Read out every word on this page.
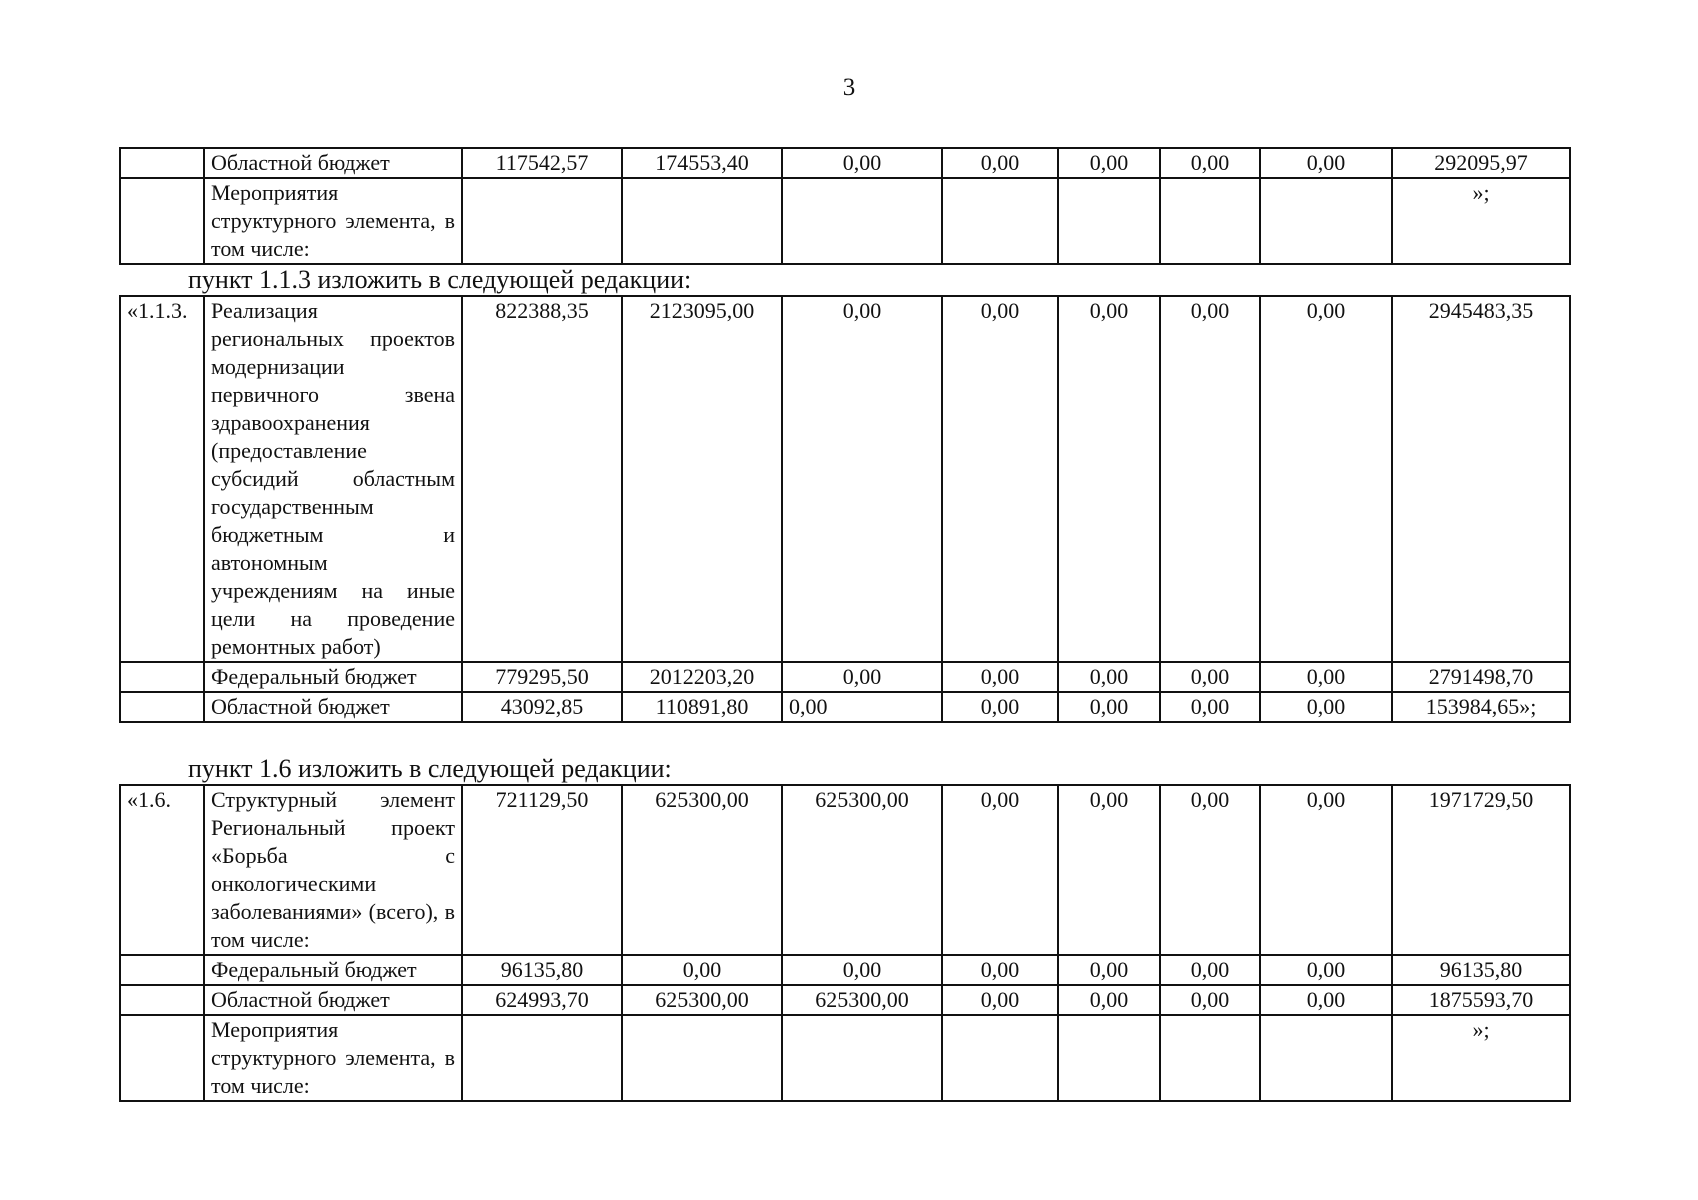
3
	Областной бюджет	117542,57	174553,40	0,00	0,00	0,00	0,00	0,00	292095,97
	Мероприятия структурного элемента, в том числе:								»;
пункт 1.1.3 изложить в следующей редакции:
«1.1.3.	Реализация региональных проектов модернизации первичного звена здравоохранения (предоставление субсидий областным государственным бюджетным и автономным учреждениям на иные цели на проведение ремонтных работ)	822388,35	2123095,00	0,00	0,00	0,00	0,00	0,00	2945483,35
	Федеральный бюджет	779295,50	2012203,20	0,00	0,00	0,00	0,00	0,00	2791498,70
	Областной бюджет	43092,85	110891,80	0,00	0,00	0,00	0,00	0,00	153984,65»;
пункт 1.6 изложить в следующей редакции:
«1.6.	Структурный элемент Региональный проект «Борьба с онкологическими заболеваниями» (всего), в том числе:	721129,50	625300,00	625300,00	0,00	0,00	0,00	0,00	1971729,50
	Федеральный бюджет	96135,80	0,00	0,00	0,00	0,00	0,00	0,00	96135,80
	Областной бюджет	624993,70	625300,00	625300,00	0,00	0,00	0,00	0,00	1875593,70
	Мероприятия структурного элемента, в том числе:								»;
